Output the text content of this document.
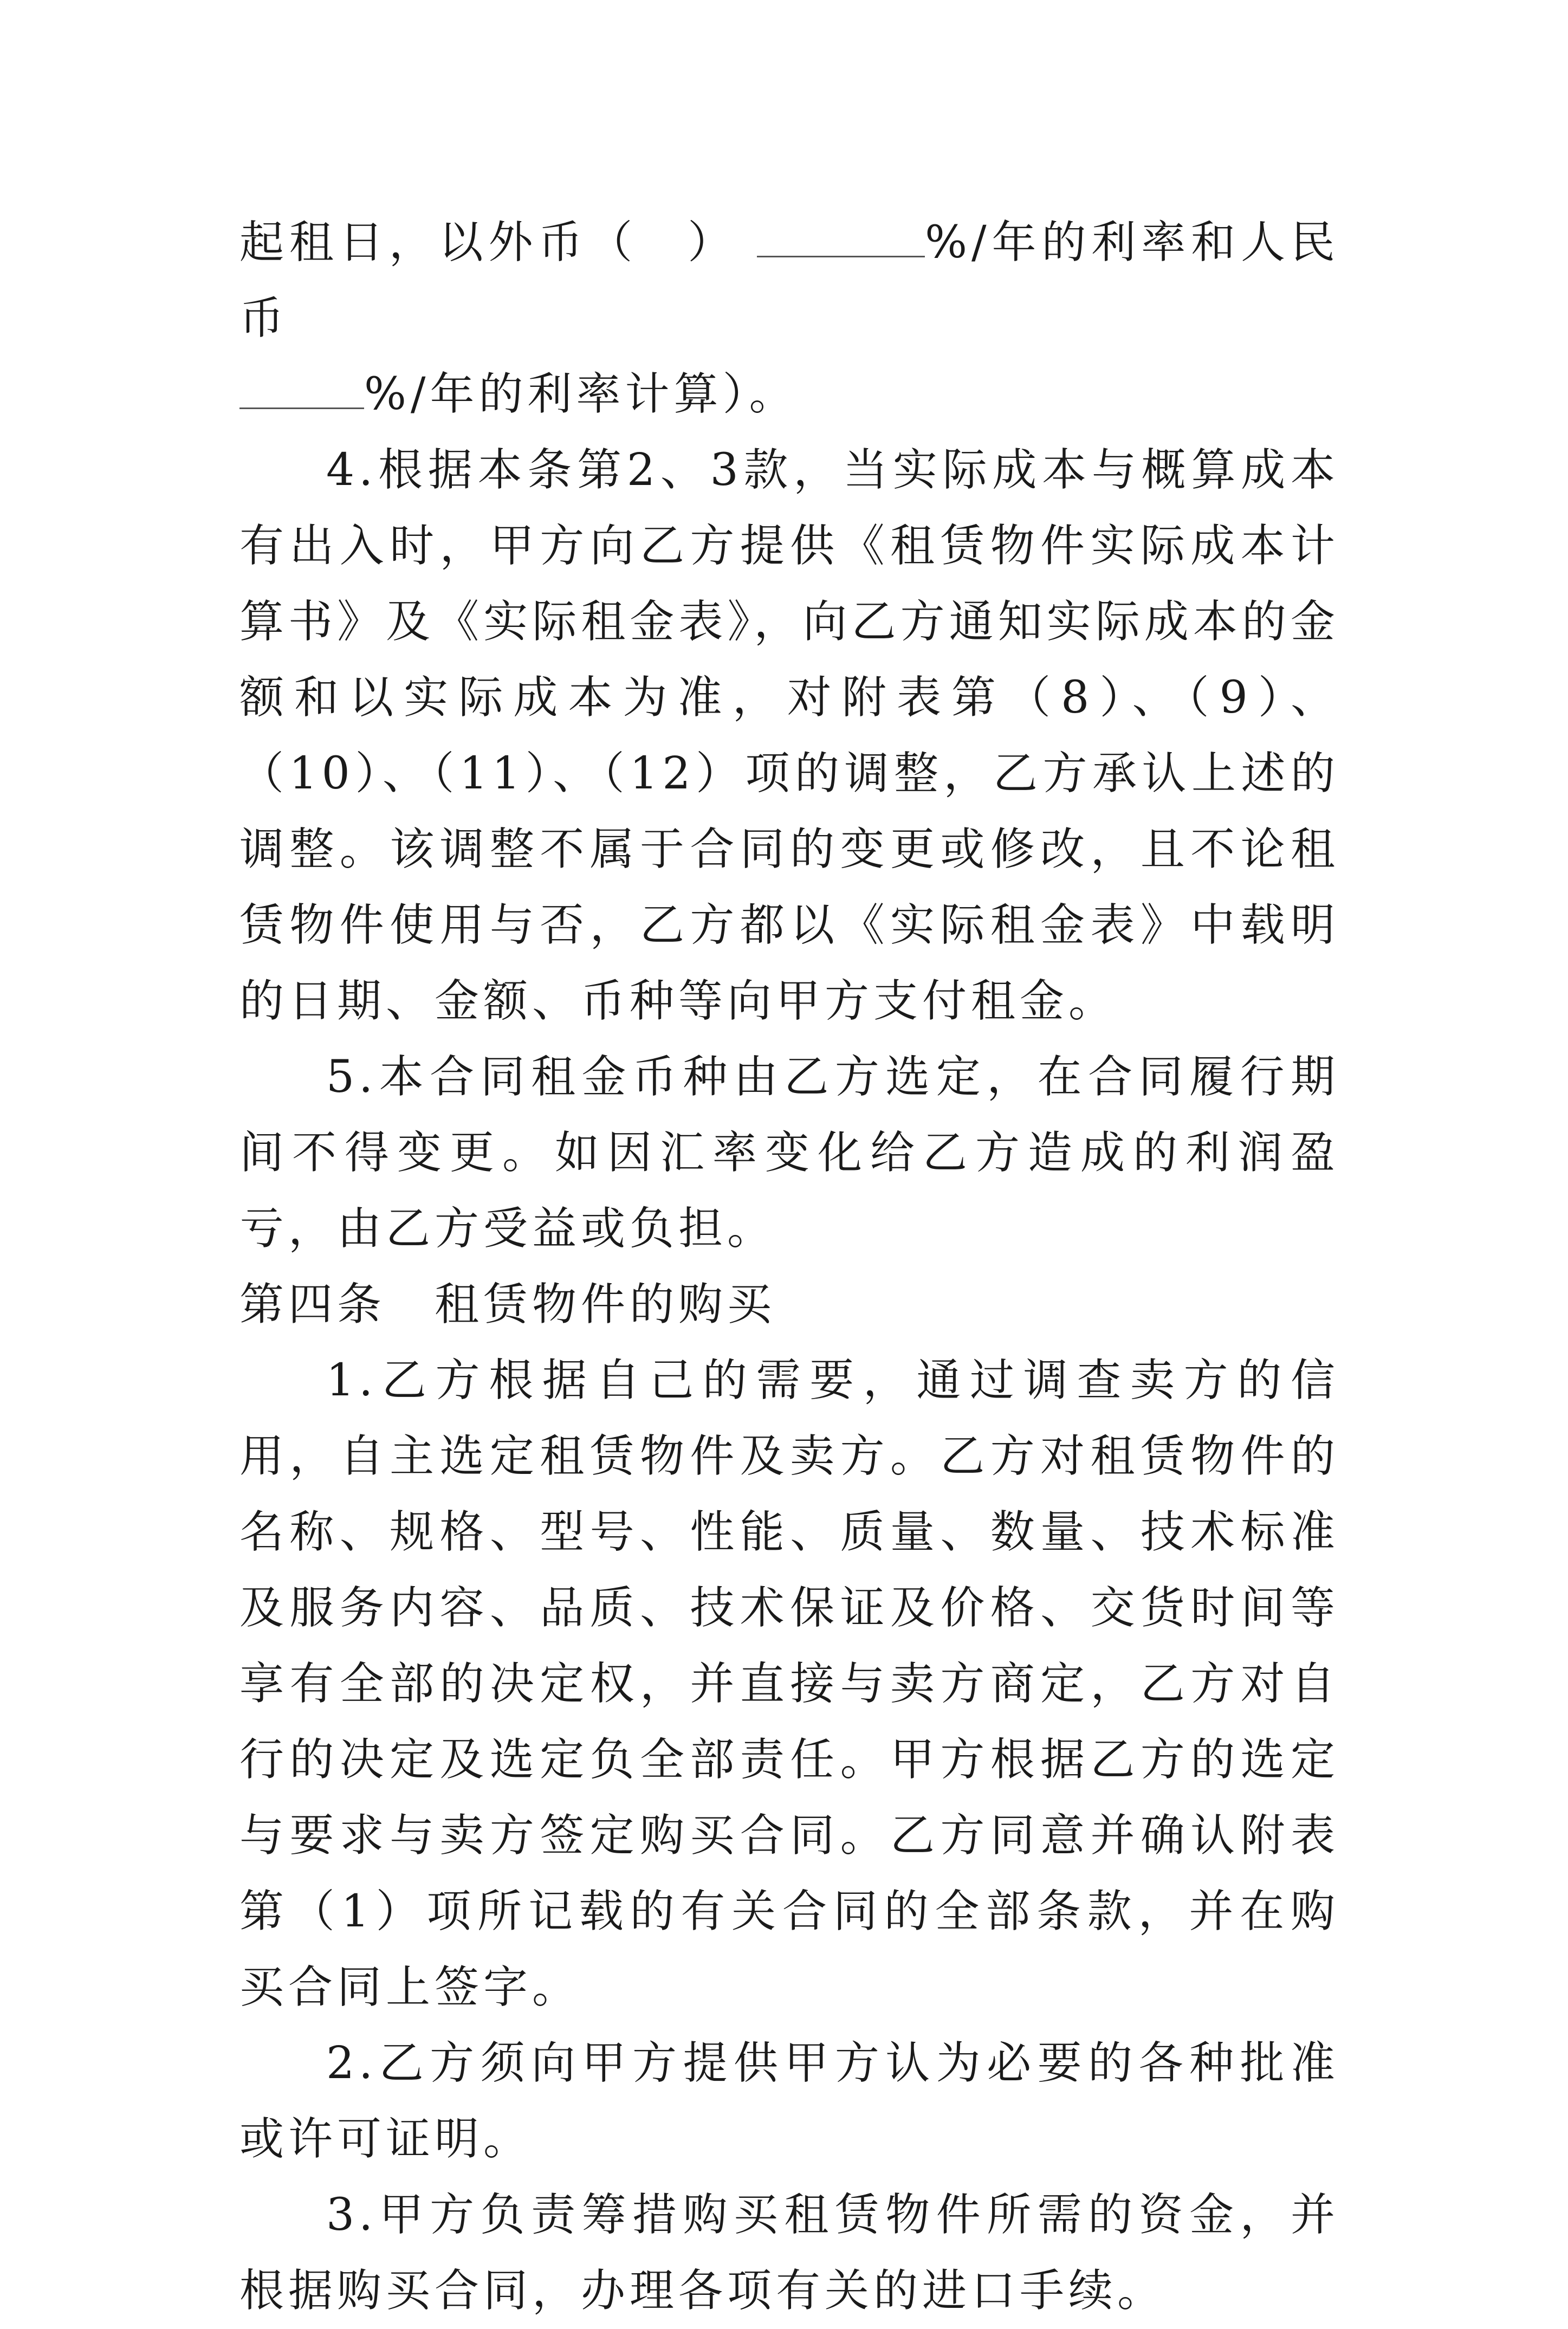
起租日，以外币（　）	%/年的利率和人民币
%/年的利率计算）。

4.根据本条第2、3款，当实际成本与概算成本有出入时，甲方向乙方提供《租赁物件实际成本计算书》及《实际租金表》，向乙方通知实际成本的金额和以实际成本为准，对附表第（8）、（9）、（10）、（11）、（12）项的调整，乙方承认上述的调整。该调整不属于合同的变更或修改，且不论租赁物件使用与否，乙方都以《实际租金表》中载明的日期、金额、币种等向甲方支付租金。

5.本合同租金币种由乙方选定，在合同履行期间不得变更。如因汇率变化给乙方造成的利润盈亏，由乙方受益或负担。

第四条 租赁物件的购买

1.乙方根据自己的需要，通过调查卖方的信用，自主选定租赁物件及卖方。乙方对租赁物件的名称、规格、型号、性能、质量、数量、技术标准及服务内容、品质、技术保证及价格、交货时间等享有全部的决定权，并直接与卖方商定，乙方对自行的决定及选定负全部责任。甲方根据乙方的选定与要求与卖方签定购买合同。乙方同意并确认附表第（1）项所记载的有关合同的全部条款，并在购买合同上签字。

2.乙方须向甲方提供甲方认为必要的各种批准或许可证明。

3.甲方负责筹措购买租赁物件所需的资金，并根据购买合同，办理各项有关的进口手续。
